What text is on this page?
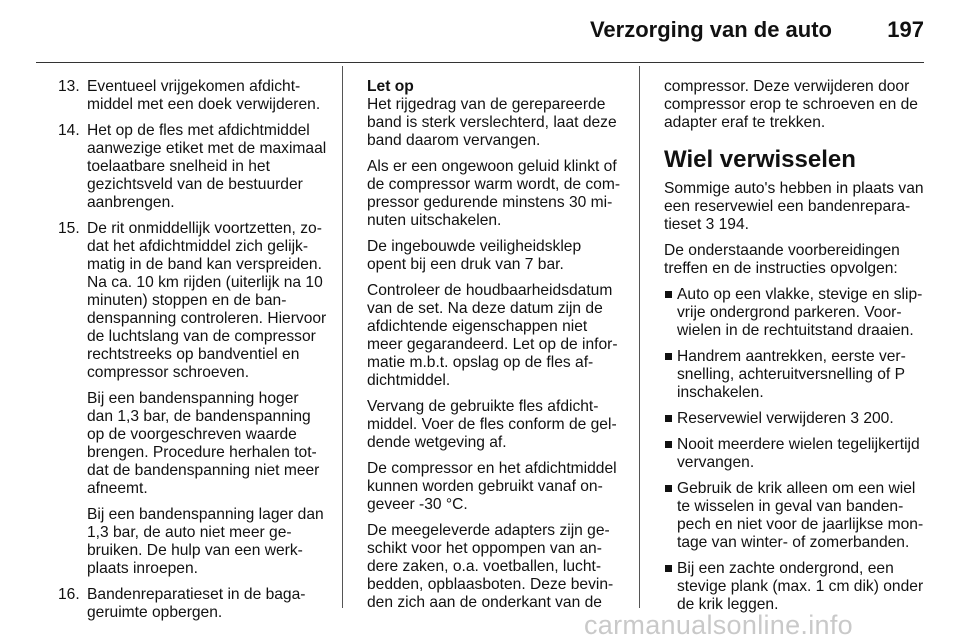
Verzorging van de auto	197
13. Eventueel vrijgekomen afdichtmiddel met een doek verwijderen.

14. Het op de fles met afdichtmiddel aanwezige etiket met de maximaal toelaatbare snelheid in het gezichtsveld van de bestuurder aanbrengen.

15. De rit onmiddellijk voortzetten, zodat het afdichtmiddel zich gelijkmatig in de band kan verspreiden. Na ca. 10 km rijden (uiterlijk na 10 minuten) stoppen en de bandenspanning controleren. Hiervoor de luchtslang van de compressor rechtstreeks op bandventiel en compressor schroeven.

Bij een bandenspanning hoger dan 1,3 bar, de bandenspanning op de voorgeschreven waarde brengen. Procedure herhalen totdat de bandenspanning niet meer afneemt.

Bij een bandenspanning lager dan 1,3 bar, de auto niet meer gebruiken. De hulp van een werkplaats inroepen.

16. Bandenreparatieset in de bagageruimte opbergen.

Let op

Het rijgedrag van de gerepareerde band is sterk verslechterd, laat deze band daarom vervangen.

Als er een ongewoon geluid klinkt of de compressor warm wordt, de compressor gedurende minstens 30 minuten uitschakelen.

De ingebouwde veiligheidsklep opent bij een druk van 7 bar.

Controleer de houdbaarheidsdatum van de set. Na deze datum zijn de afdichtende eigenschappen niet meer gegarandeerd. Let op de informatie m.b.t. opslag op de fles afdichtmiddel.

Vervang de gebruikte fles afdichtmiddel. Voer de fles conform de geldende wetgeving af.

De compressor en het afdichtmiddel kunnen worden gebruikt vanaf ongeveer -30 °C.

De meegeleverde adapters zijn geschikt voor het oppompen van andere zaken, o.a. voetballen, luchtbedden, opblaasboten. Deze bevinden zich aan de onderkant van de

compressor. Deze verwijderen door compressor erop te schroeven en de adapter eraf te trekken.

Wiel verwisselen

Sommige auto's hebben in plaats van een reservewiel een bandenreparatieset 3 194.

De onderstaande voorbereidingen treffen en de instructies opvolgen:

Auto op een vlakke, stevige en slipvrije ondergrond parkeren. Voorwielen in de rechtuitstand draaien.
Handrem aantrekken, eerste versnelling, achteruitversnelling of P inschakelen.
Reservewiel verwijderen 3 200.
Nooit meerdere wielen tegelijkertijd vervangen.
Gebruik de krik alleen om een wiel te wisselen in geval van bandenpech en niet voor de jaarlijkse montage van winter- of zomerbanden.
Bij een zachte ondergrond, een stevige plank (max. 1 cm dik) onder de krik leggen.
carmanualsonline.info
